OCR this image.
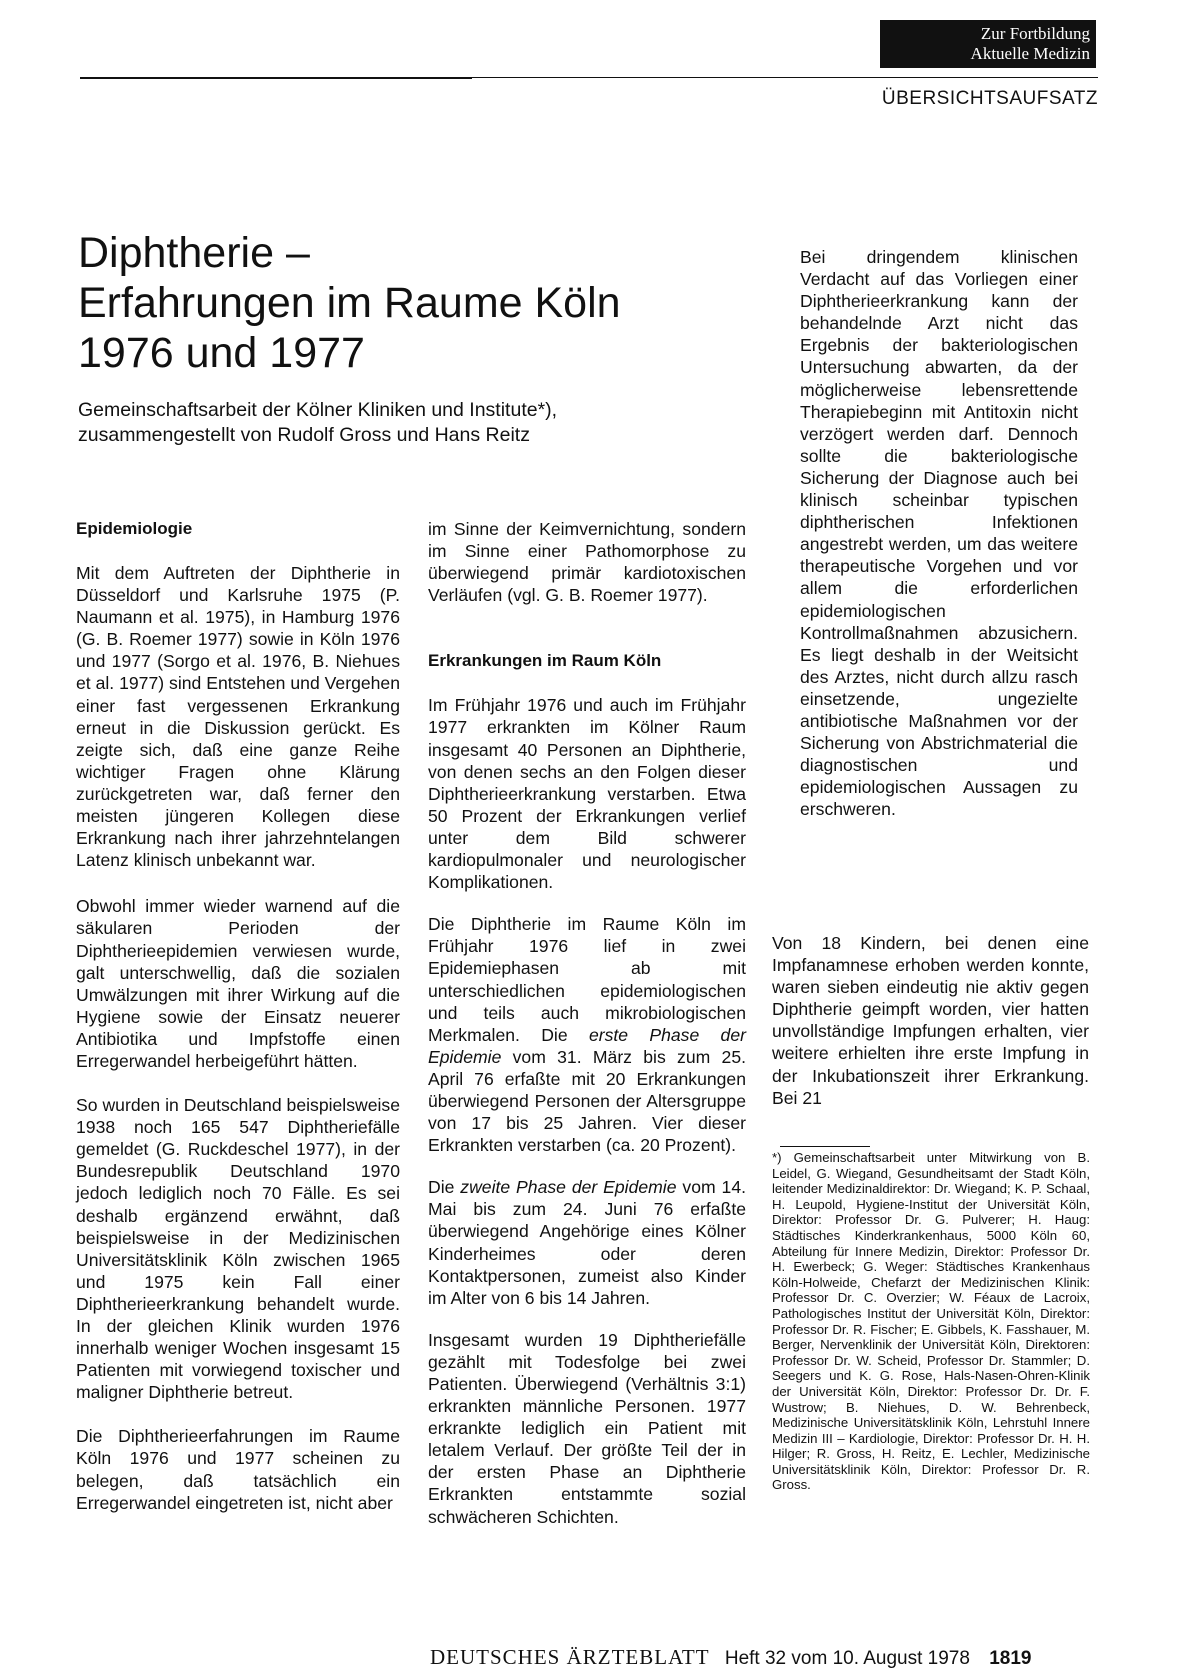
Zur Fortbildung
Aktuelle Medizin
ÜBERSICHTSAUFSATZ
Diphtherie –
Erfahrungen im Raume Köln
1976 und 1977
Gemeinschaftsarbeit der Kölner Kliniken und Institute*),
zusammengestellt von Rudolf Gross und Hans Reitz
Epidemiologie

Mit dem Auftreten der Diphtherie in Düsseldorf und Karlsruhe 1975 (P. Naumann et al. 1975), in Hamburg 1976 (G. B. Roemer 1977) sowie in Köln 1976 und 1977 (Sorgo et al. 1976, B. Niehues et al. 1977) sind Entstehen und Vergehen einer fast vergessenen Erkrankung erneut in die Diskussion gerückt. Es zeigte sich, daß eine ganze Reihe wichtiger Fragen ohne Klärung zurückgetreten war, daß ferner den meisten jüngeren Kollegen diese Erkrankung nach ihrer jahrzehntelangen Latenz klinisch unbekannt war.

Obwohl immer wieder warnend auf die säkularen Perioden der Diphtherieepidemien verwiesen wurde, galt unterschwellig, daß die sozialen Umwälzungen mit ihrer Wirkung auf die Hygiene sowie der Einsatz neuerer Antibiotika und Impfstoffe einen Erregerwandel herbeigeführt hätten.

So wurden in Deutschland beispielsweise 1938 noch 165 547 Diphtheriefälle gemeldet (G. Ruckdeschel 1977), in der Bundesrepublik Deutschland 1970 jedoch lediglich noch 70 Fälle. Es sei deshalb ergänzend erwähnt, daß beispielsweise in der Medizinischen Universitätsklinik Köln zwischen 1965 und 1975 kein Fall einer Diphtherieerkrankung behandelt wurde. In der gleichen Klinik wurden 1976 innerhalb weniger Wochen insgesamt 15 Patienten mit vorwiegend toxischer und maligner Diphtherie betreut.

Die Diphtherieerfahrungen im Raume Köln 1976 und 1977 scheinen zu belegen, daß tatsächlich ein Erregerwandel eingetreten ist, nicht aber

im Sinne der Keimvernichtung, sondern im Sinne einer Pathomorphose zu überwiegend primär kardiotoxischen Verläufen (vgl. G. B. Roemer 1977).

Erkrankungen im Raum Köln

Im Frühjahr 1976 und auch im Frühjahr 1977 erkrankten im Kölner Raum insgesamt 40 Personen an Diphtherie, von denen sechs an den Folgen dieser Diphtherieerkrankung verstarben. Etwa 50 Prozent der Erkrankungen verlief unter dem Bild schwerer kardiopulmonaler und neurologischer Komplikationen.

Die Diphtherie im Raume Köln im Frühjahr 1976 lief in zwei Epidemiephasen ab mit unterschiedlichen epidemiologischen und teils auch mikrobiologischen Merkmalen. Die erste Phase der Epidemie vom 31. März bis zum 25. April 76 erfaßte mit 20 Erkrankungen überwiegend Personen der Altersgruppe von 17 bis 25 Jahren. Vier dieser Erkrankten verstarben (ca. 20 Prozent).

Die zweite Phase der Epidemie vom 14. Mai bis zum 24. Juni 76 erfaßte überwiegend Angehörige eines Kölner Kinderheimes oder deren Kontaktpersonen, zumeist also Kinder im Alter von 6 bis 14 Jahren.

Insgesamt wurden 19 Diphtheriefälle gezählt mit Todesfolge bei zwei Patienten. Überwiegend (Verhältnis 3:1) erkrankten männliche Personen. 1977 erkrankte lediglich ein Patient mit letalem Verlauf. Der größte Teil der in der ersten Phase an Diphtherie Erkrankten entstammte sozial schwächeren Schichten.

Bei dringendem klinischen Verdacht auf das Vorliegen einer Diphtherieerkrankung kann der behandelnde Arzt nicht das Ergebnis der bakteriologischen Untersuchung abwarten, da der möglicherweise lebensrettende Therapiebeginn mit Antitoxin nicht verzögert werden darf. Dennoch sollte die bakteriologische Sicherung der Diagnose auch bei klinisch scheinbar typischen diphtherischen Infektionen angestrebt werden, um das weitere therapeutische Vorgehen und vor allem die erforderlichen epidemiologischen Kontrollmaßnahmen abzusichern. Es liegt deshalb in der Weitsicht des Arztes, nicht durch allzu rasch einsetzende, ungezielte antibiotische Maßnahmen vor der Sicherung von Abstrichmaterial die diagnostischen und epidemiologischen Aussagen zu erschweren.

Von 18 Kindern, bei denen eine Impfanamnese erhoben werden konnte, waren sieben eindeutig nie aktiv gegen Diphtherie geimpft worden, vier hatten unvollständige Impfungen erhalten, vier weitere erhielten ihre erste Impfung in der Inkubationszeit ihrer Erkrankung. Bei 21

*) Gemeinschaftsarbeit unter Mitwirkung von B. Leidel, G. Wiegand, Gesundheitsamt der Stadt Köln, leitender Medizinaldirektor: Dr. Wiegand; K. P. Schaal, H. Leupold, Hygiene-Institut der Universität Köln, Direktor: Professor Dr. G. Pulverer; H. Haug: Städtisches Kinderkrankenhaus, 5000 Köln 60, Abteilung für Innere Medizin, Direktor: Professor Dr. H. Ewerbeck; G. Weger: Städtisches Krankenhaus Köln-Holweide, Chefarzt der Medizinischen Klinik: Professor Dr. C. Overzier; W. Féaux de Lacroix, Pathologisches Institut der Universität Köln, Direktor: Professor Dr. R. Fischer; E. Gibbels, K. Fasshauer, M. Berger, Nervenklinik der Universität Köln, Direktoren: Professor Dr. W. Scheid, Professor Dr. Stammler; D. Seegers und K. G. Rose, Hals-Nasen-Ohren-Klinik der Universität Köln, Direktor: Professor Dr. Dr. F. Wustrow; B. Niehues, D. W. Behrenbeck, Medizinische Universitätsklinik Köln, Lehrstuhl Innere Medizin III – Kardiologie, Direktor: Professor Dr. H. H. Hilger; R. Gross, H. Reitz, E. Lechler, Medizinische Universitätsklinik Köln, Direktor: Professor Dr. R. Gross.
DEUTSCHES ÄRZTEBLATT Heft 32 vom 10. August 1978 1819
